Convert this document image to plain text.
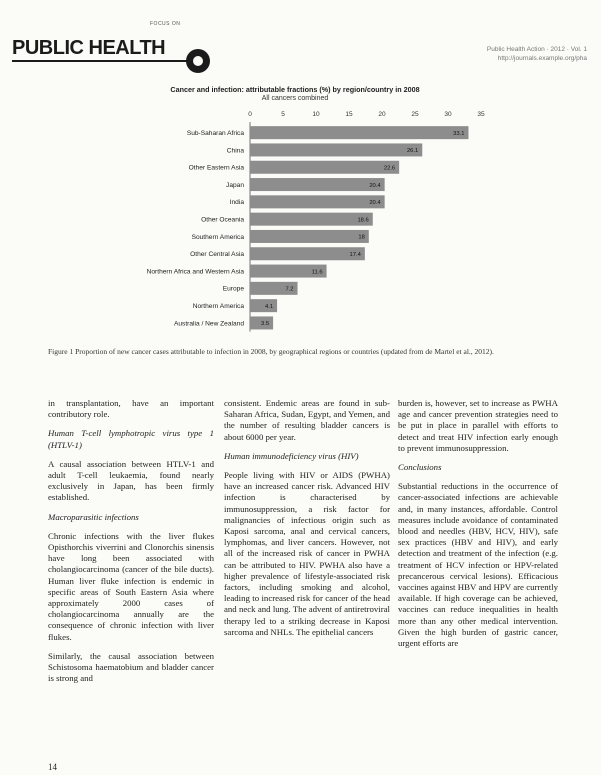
FOCUS ON
PUBLIC HEALTH	Public Health Action · 2012 · Vol. 1
http://journals.example.org/pha
Cancer and infection: attributable fractions (%) by region/country in 2008
All cancers combined
0	5	10	15	20	25	30	35
Sub-Saharan Africa	33.1
China	26.1
Other Eastern Asia	22.6
Japan	20.4
India	20.4
Other Oceania	18.6
Southern America	18
Other Central Asia	17.4
Northern Africa and Western Asia	11.6
Europe	7.2
Northern America	4.1
Australia / New Zealand	3.5
Figure 1 Proportion of new cancer cases attributable to infection in 2008, by geographical regions or countries (updated from de Martel et al., 2012).

in transplantation, have an important contributory role.

Human T-cell lymphotropic virus type 1 (HTLV-1)

A causal association between HTLV-1 and adult T-cell leukaemia, found nearly exclusively in Japan, has been firmly established.

Macroparasitic infections

Chronic infections with the liver flukes Opisthorchis viverrini and Clonorchis sinensis have long been associated with cholangiocarcinoma (cancer of the bile ducts). Human liver fluke infection is endemic in specific areas of South Eastern Asia where approximately 2000 cases of cholangiocarcinoma annually are the consequence of chronic infection with liver flukes.

Similarly, the causal association between Schistosoma haematobium and bladder cancer is strong and

consistent. Endemic areas are found in sub-Saharan Africa, Sudan, Egypt, and Yemen, and the number of resulting bladder cancers is about 6000 per year.

Human immunodeficiency virus (HIV)

People living with HIV or AIDS (PWHA) have an increased cancer risk. Advanced HIV infection is characterised by immunosuppression, a risk factor for malignancies of infectious origin such as Kaposi sarcoma, anal and cervical cancers, lymphomas, and liver cancers. However, not all of the increased risk of cancer in PWHA can be attributed to HIV. PWHA also have a higher prevalence of lifestyle-associated risk factors, including smoking and alcohol, leading to increased risk for cancer of the head and neck and lung. The advent of antiretroviral therapy led to a striking decrease in Kaposi sarcoma and NHLs. The epithelial cancers

burden is, however, set to increase as PWHA age and cancer prevention strategies need to be put in place in parallel with efforts to detect and treat HIV infection early enough to prevent immunosuppression.

Conclusions

Substantial reductions in the occurrence of cancer-associated infections are achievable and, in many instances, affordable. Control measures include avoidance of contaminated blood and needles (HBV, HCV, HIV), safe sex practices (HBV and HIV), and early detection and treatment of the infection (e.g. treatment of HCV infection or HPV-related precancerous cervical lesions). Efficacious vaccines against HBV and HPV are currently available. If high coverage can be achieved, vaccines can reduce inequalities in health more than any other medical intervention. Given the high burden of gastric cancer, urgent efforts are

14
